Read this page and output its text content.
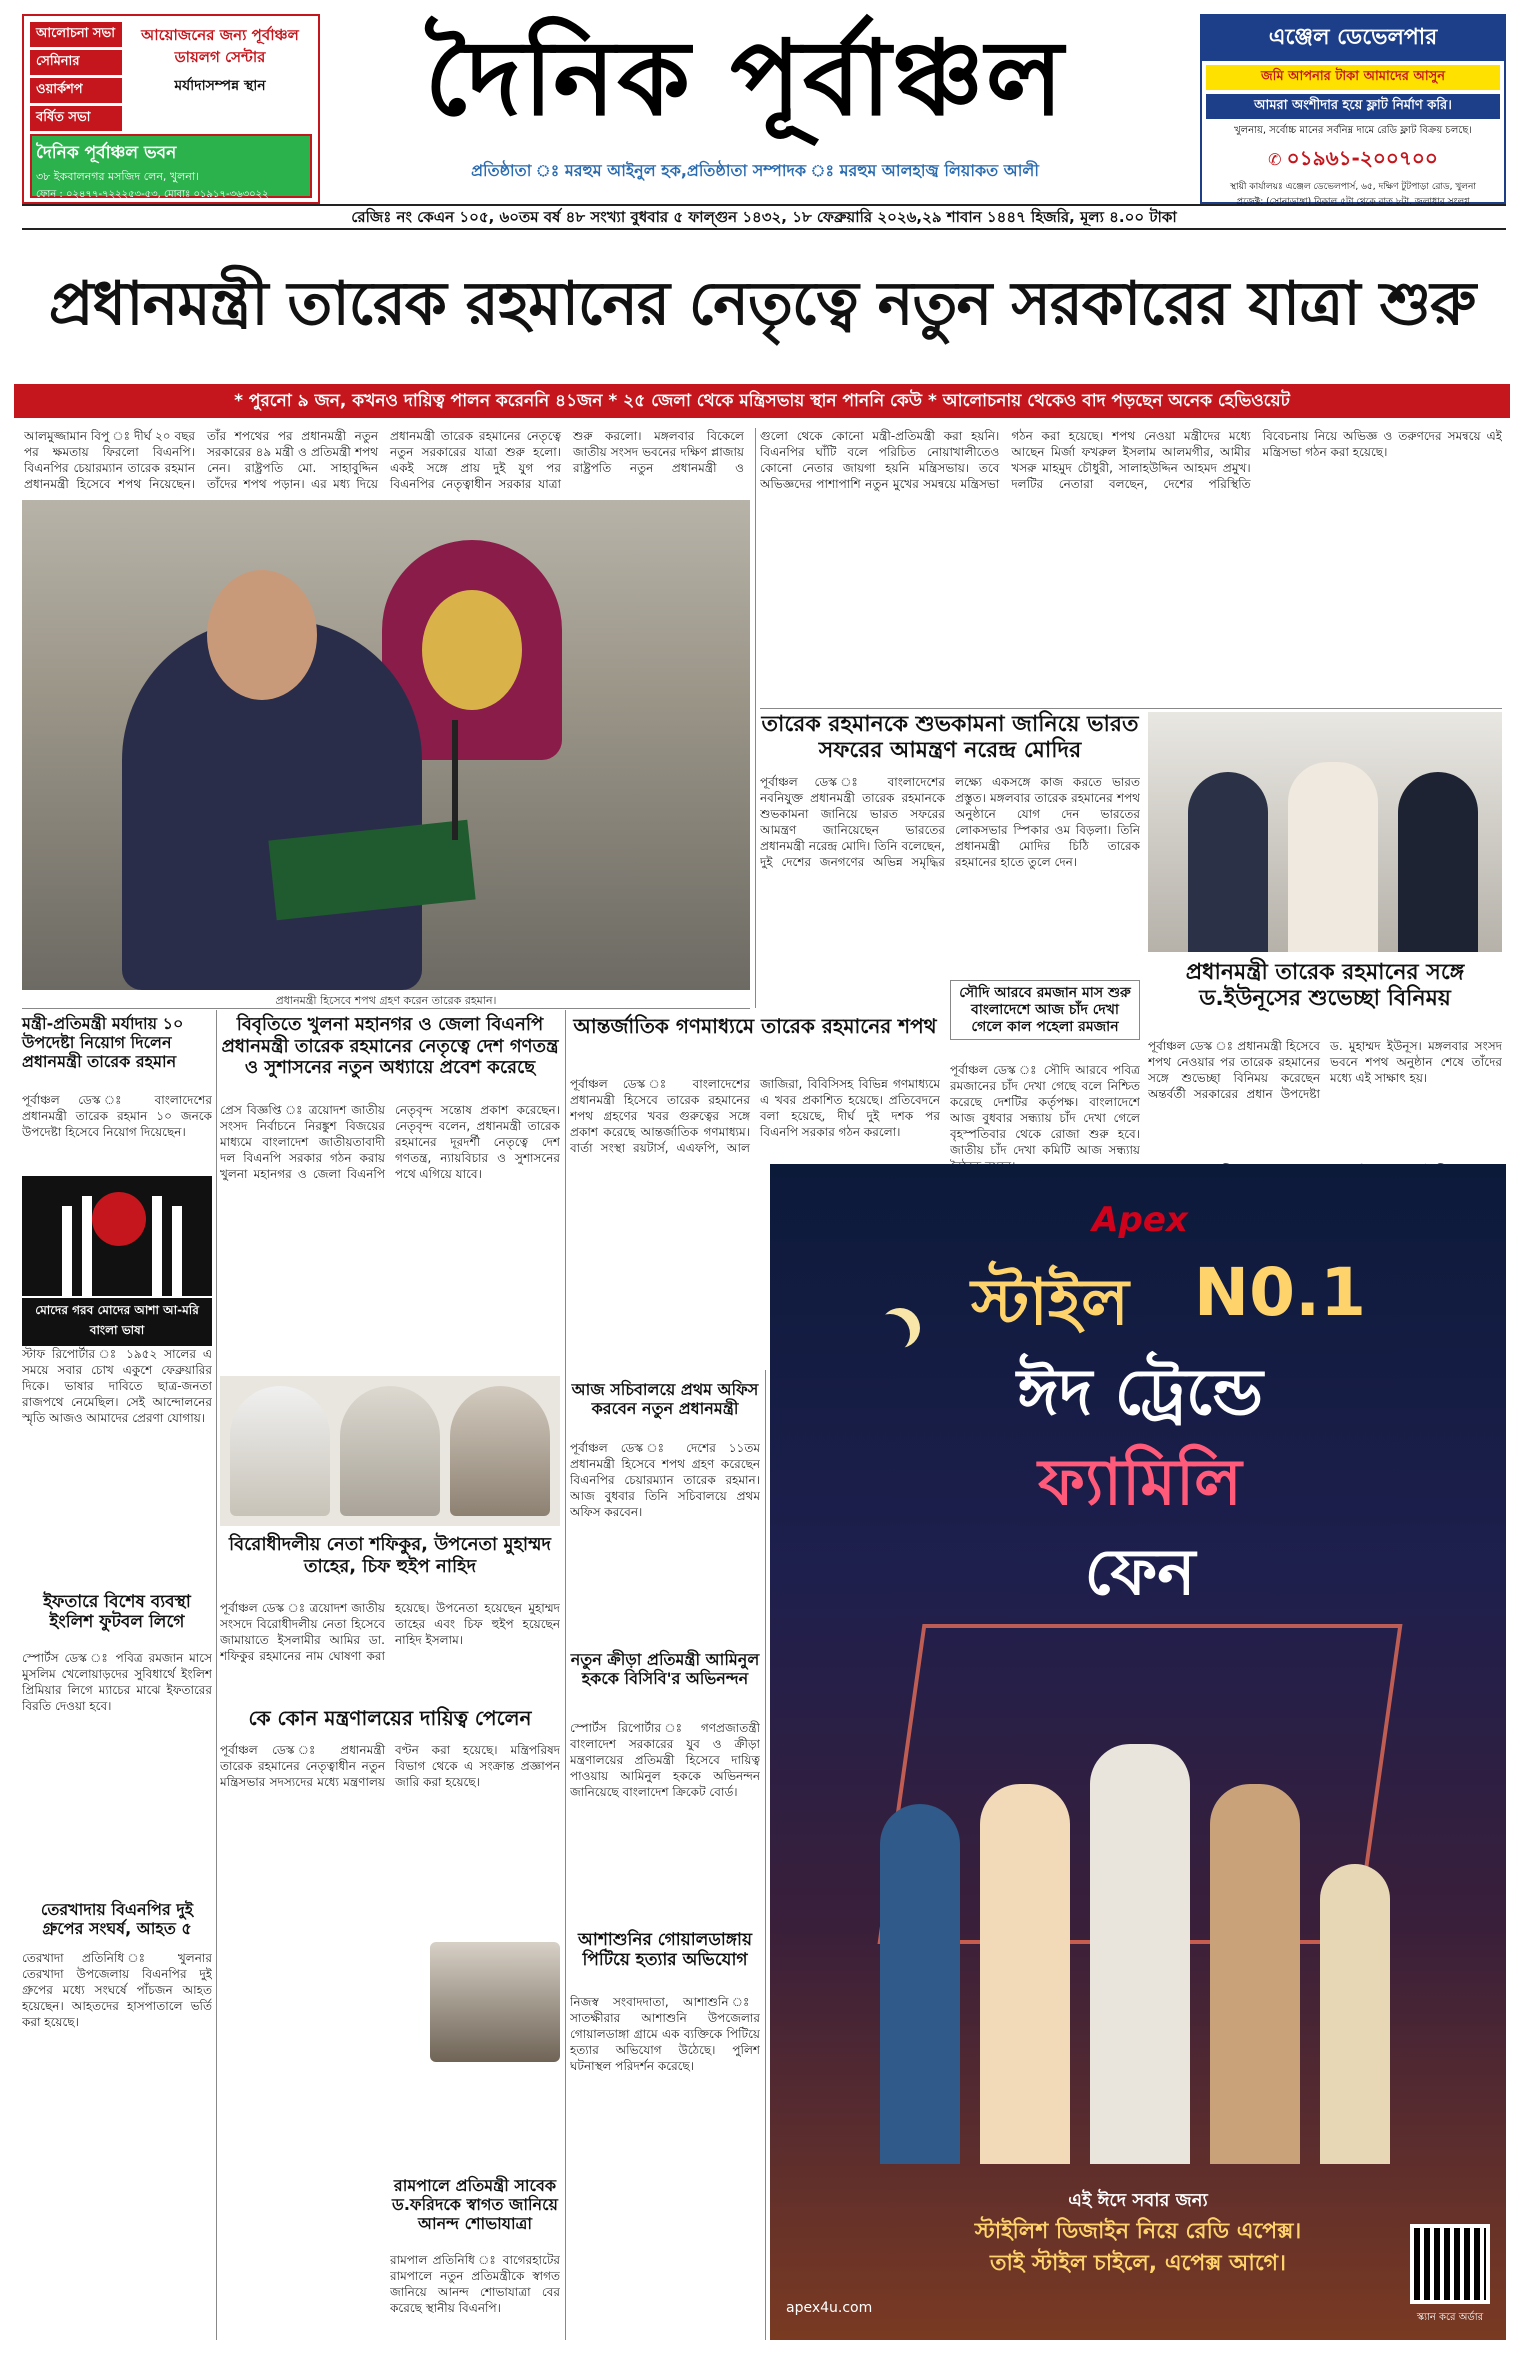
আলোচনা সভা
সেমিনার
ওয়ার্কশপ
বর্ষিত সভা
আয়োজনের জন্য পূর্বাঞ্চল ডায়লগ সেন্টার
মর্যাদাসম্পন্ন স্থান
দৈনিক পূর্বাঞ্চল ভবন
৩৮ ইকবালনগর মসজিদ লেন, খুলনা।
ফোন : ০২৪৭৭-৭২২২৫৩-৫৩, মোবাঃ ০১৯১৭-৩৬৩০২২
দৈনিক পূর্বাঞ্চল
প্রতিষ্ঠাতা ঃ মরহুম আইনুল হক,প্রতিষ্ঠাতা সম্পাদক ঃ মরহুম আলহাজ্ব লিয়াকত আলী
এঞ্জেল ডেভেলপার
জমি আপনার টাকা আমাদের আসুন
আমরা অংশীদার হয়ে ফ্লাট নির্মাণ করি।
খুলনায়, সর্বোচ্চ মানের সর্বনিম্ন দামে রেডি ফ্লাট বিক্রয় চলছে।
✆ ০১৯৬১-২০০৭০০
স্থায়ী কার্যালয়ঃ এঞ্জেল ডেভেলপার্স, ৬৫, দক্ষিণ টুটপাড়া রোড, খুলনা
প্রজেক্ট: (সোনাডাঙ্গা) বিকাল ৫টা থেকে রাত ৮টা, জলাধার সংলগ্ন
রেজিঃ নং কেএন ১০৫, ৬০তম বর্ষ ৪৮ সংখ্যা বুধবার ৫ ফাল্গুন ১৪৩২, ১৮ ফেব্রুয়ারি ২০২৬,২৯ শাবান ১৪৪৭ হিজরি, মূল্য ৪.০০ টাকা
প্রধানমন্ত্রী তারেক রহমানের নেতৃত্বে নতুন সরকারের যাত্রা শুরু
* পুরনো ৯ জন, কখনও দায়িত্ব পালন করেননি ৪১জন * ২৫ জেলা থেকে মন্ত্রিসভায় স্থান পাননি কেউ * আলোচনায় থেকেও বাদ পড়ছেন অনেক হেভিওয়েট
আলমুজ্জামান বিপু ঃ দীর্ঘ ২০ বছর পর ক্ষমতায় ফিরলো বিএনপি। বিএনপির চেয়ারম্যান তারেক রহমান প্রধানমন্ত্রী হিসেবে শপথ নিয়েছেন। তাঁর শপথের পর প্রধানমন্ত্রী নতুন সরকারের ৪৯ মন্ত্রী ও প্রতিমন্ত্রী শপথ নেন। রাষ্ট্রপতি মো. সাহাবুদ্দিন তাঁদের শপথ পড়ান। এর মধ্য দিয়ে প্রধানমন্ত্রী তারেক রহমানের নেতৃত্বে নতুন সরকারের যাত্রা শুরু হলো। একই সঙ্গে প্রায় দুই যুগ পর বিএনপির নেতৃত্বাধীন সরকার যাত্রা শুরু করলো। মঙ্গলবার বিকেলে জাতীয় সংসদ ভবনের দক্ষিণ প্লাজায় রাষ্ট্রপতি নতুন প্রধানমন্ত্রী ও
প্রধানমন্ত্রী হিসেবে শপথ গ্রহণ করেন তারেক রহমান।
গুলো থেকে কোনো মন্ত্রী-প্রতিমন্ত্রী করা হয়নি। বিএনপির ঘাঁটি বলে পরিচিত নোয়াখালীতেও কোনো নেতার জায়গা হয়নি মন্ত্রিসভায়। তবে অভিজ্ঞদের পাশাপাশি নতুন মুখের সমন্বয়ে মন্ত্রিসভা গঠন করা হয়েছে। শপথ নেওয়া মন্ত্রীদের মধ্যে আছেন মির্জা ফখরুল ইসলাম আলমগীর, আমীর খসরু মাহমুদ চৌধুরী, সালাহউদ্দিন আহমদ প্রমুখ। দলটির নেতারা বলছেন, দেশের পরিস্থিতি বিবেচনায় নিয়ে অভিজ্ঞ ও তরুণদের সমন্বয়ে এই মন্ত্রিসভা গঠন করা হয়েছে।
তারেক রহমানকে শুভকামনা জানিয়ে ভারত সফরের আমন্ত্রণ নরেন্দ্র মোদির
পূর্বাঞ্চল ডেস্ক ঃ বাংলাদেশের নবনিযুক্ত প্রধানমন্ত্রী তারেক রহমানকে শুভকামনা জানিয়ে ভারত সফরের আমন্ত্রণ জানিয়েছেন ভারতের প্রধানমন্ত্রী নরেন্দ্র মোদি। তিনি বলেছেন, দুই দেশের জনগণের অভিন্ন সমৃদ্ধির লক্ষ্যে একসঙ্গে কাজ করতে ভারত প্রস্তুত। মঙ্গলবার তারেক রহমানের শপথ অনুষ্ঠানে যোগ দেন ভারতের লোকসভার স্পিকার ওম বিড়লা। তিনি প্রধানমন্ত্রী মোদির চিঠি তারেক রহমানের হাতে তুলে দেন।
প্রধানমন্ত্রী তারেক রহমানের সঙ্গে ড.ইউনূসের শুভেচ্ছা বিনিময়
পূর্বাঞ্চল ডেস্ক ঃ প্রধানমন্ত্রী হিসেবে শপথ নেওয়ার পর তারেক রহমানের সঙ্গে শুভেচ্ছা বিনিময় করেছেন অন্তর্বর্তী সরকারের প্রধান উপদেষ্টা ড. মুহাম্মদ ইউনূস। মঙ্গলবার সংসদ ভবনে শপথ অনুষ্ঠান শেষে তাঁদের মধ্যে এই সাক্ষাৎ হয়।
সৌদি আরবে রমজান মাস শুরু বাংলাদেশে আজ চাঁদ দেখা গেলে কাল পহেলা রমজান
পূর্বাঞ্চল ডেস্ক ঃ সৌদি আরবে পবিত্র রমজানের চাঁদ দেখা গেছে বলে নিশ্চিত করেছে দেশটির কর্তৃপক্ষ। বাংলাদেশে আজ বুধবার সন্ধ্যায় চাঁদ দেখা গেলে বৃহস্পতিবার থেকে রোজা শুরু হবে। জাতীয় চাঁদ দেখা কমিটি আজ সন্ধ্যায়
মন্ত্রী-প্রতিমন্ত্রী মর্যাদায় ১০ উপদেষ্টা নিয়োগ দিলেন প্রধানমন্ত্রী তারেক রহমান
পূর্বাঞ্চল ডেস্ক ঃ বাংলাদেশের প্রধানমন্ত্রী তারেক রহমান ১০ জনকে উপদেষ্টা হিসেবে নিয়োগ দিয়েছেন।
বিবৃতিতে খুলনা মহানগর ও জেলা বিএনপি প্রধানমন্ত্রী তারেক রহমানের নেতৃত্বে দেশ গণতন্ত্র ও সুশাসনের নতুন অধ্যায়ে প্রবেশ করেছে
প্রেস বিজ্ঞপ্তি ঃ ত্রয়োদশ জাতীয় সংসদ নির্বাচনে নিরঙ্কুশ বিজয়ের মাধ্যমে বাংলাদেশ জাতীয়তাবাদী দল বিএনপি সরকার গঠন করায় খুলনা মহানগর ও জেলা বিএনপি নেতৃবৃন্দ সন্তোষ প্রকাশ করেছেন। নেতৃবৃন্দ বলেন, প্রধানমন্ত্রী তারেক রহমানের দূরদর্শী নেতৃত্বে দেশ গণতন্ত্র, ন্যায়বিচার ও সুশাসনের পথে এগিয়ে যাবে।
আন্তর্জাতিক গণমাধ্যমে তারেক রহমানের শপথ
পূর্বাঞ্চল ডেস্ক ঃ বাংলাদেশের প্রধানমন্ত্রী হিসেবে তারেক রহমানের শপথ গ্রহণের খবর গুরুত্বের সঙ্গে প্রকাশ করেছে আন্তর্জাতিক গণমাধ্যম। বার্তা সংস্থা রয়টার্স, এএফপি, আল জাজিরা, বিবিসিসহ বিভিন্ন গণমাধ্যমে এ খবর প্রকাশিত হয়েছে। প্রতিবেদনে বলা হয়েছে, দীর্ঘ দুই দশক পর বিএনপি সরকার গঠন করলো।
মোদের গরব মোদের আশা আ-মরি বাংলা ভাষা
স্টাফ রিপোর্টার ঃ ১৯৫২ সালের এ সময়ে সবার চোখ একুশে ফেব্রুয়ারির দিকে। ভাষার দাবিতে ছাত্র-জনতা রাজপথে নেমেছিল। সেই আন্দোলনের স্মৃতি আজও আমাদের প্রেরণা যোগায়।
বিরোধীদলীয় নেতা শফিকুর, উপনেতা মুহাম্মদ তাহের, চিফ হুইপ নাহিদ
পূর্বাঞ্চল ডেস্ক ঃ ত্রয়োদশ জাতীয় সংসদে বিরোধীদলীয় নেতা হিসেবে জামায়াতে ইসলামীর আমির ডা. শফিকুর রহমানের নাম ঘোষণা করা হয়েছে। উপনেতা হয়েছেন মুহাম্মদ তাহের এবং চিফ হুইপ হয়েছেন নাহিদ ইসলাম।
আজ সচিবালয়ে প্রথম অফিস করবেন নতুন প্রধানমন্ত্রী
পূর্বাঞ্চল ডেস্ক ঃ দেশের ১১তম প্রধানমন্ত্রী হিসেবে শপথ গ্রহণ করেছেন বিএনপির চেয়ারম্যান তারেক রহমান। আজ বুধবার তিনি সচিবালয়ে প্রথম অফিস করবেন।
Apex
স্টাইল N0.1
ঈদ ট্রেন্ডে
ফ্যামিলি
ফেন
এই ঈদে সবার জন্য
স্টাইলিশ ডিজাইন নিয়ে রেডি এপেক্স।
তাই স্টাইল চাইলে, এপেক্স আগে।
apex4u.com
স্ক্যান করে অর্ডার
ইফতারে বিশেষ ব্যবস্থা ইংলিশ ফুটবল লিগে
স্পোর্টস ডেস্ক ঃ পবিত্র রমজান মাসে মুসলিম খেলোয়াড়দের সুবিধার্থে ইংলিশ প্রিমিয়ার লিগে ম্যাচের মাঝে ইফতারের বিরতি দেওয়া হবে।
তেরখাদায় বিএনপির দুই গ্রুপের সংঘর্ষ, আহত ৫
তেরখাদা প্রতিনিধি ঃ খুলনার তেরখাদা উপজেলায় বিএনপির দুই গ্রুপের মধ্যে সংঘর্ষে পাঁচজন আহত হয়েছেন। আহতদের হাসপাতালে ভর্তি করা হয়েছে।
কে কোন মন্ত্রণালয়ের দায়িত্ব পেলেন
পূর্বাঞ্চল ডেস্ক ঃ প্রধানমন্ত্রী তারেক রহমানের নেতৃত্বাধীন নতুন মন্ত্রিসভার সদস্যদের মধ্যে মন্ত্রণালয় বণ্টন করা হয়েছে। মন্ত্রিপরিষদ বিভাগ থেকে এ সংক্রান্ত প্রজ্ঞাপন জারি করা হয়েছে।
নতুন ক্রীড়া প্রতিমন্ত্রী আমিনুল হককে বিসিবি'র অভিনন্দন
স্পোর্টস রিপোর্টার ঃ গণপ্রজাতন্ত্রী বাংলাদেশ সরকারের যুব ও ক্রীড়া মন্ত্রণালয়ের প্রতিমন্ত্রী হিসেবে দায়িত্ব পাওয়ায় আমিনুল হককে অভিনন্দন জানিয়েছে বাংলাদেশ ক্রিকেট বোর্ড।
আশাশুনির গোয়ালডাঙ্গায় পিটিয়ে হত্যার অভিযোগ
নিজস্ব সংবাদদাতা, আশাশুনি ঃ সাতক্ষীরার আশাশুনি উপজেলার গোয়ালডাঙ্গা গ্রামে এক ব্যক্তিকে পিটিয়ে হত্যার অভিযোগ উঠেছে। পুলিশ ঘটনাস্থল পরিদর্শন করেছে।
রামপালে প্রতিমন্ত্রী সাবেক ড.ফরিদকে স্বাগত জানিয়ে আনন্দ শোভাযাত্রা
রামপাল প্রতিনিধি ঃ বাগেরহাটের রামপালে নতুন প্রতিমন্ত্রীকে স্বাগত জানিয়ে আনন্দ শোভাযাত্রা বের করেছে স্থানীয় বিএনপি।
